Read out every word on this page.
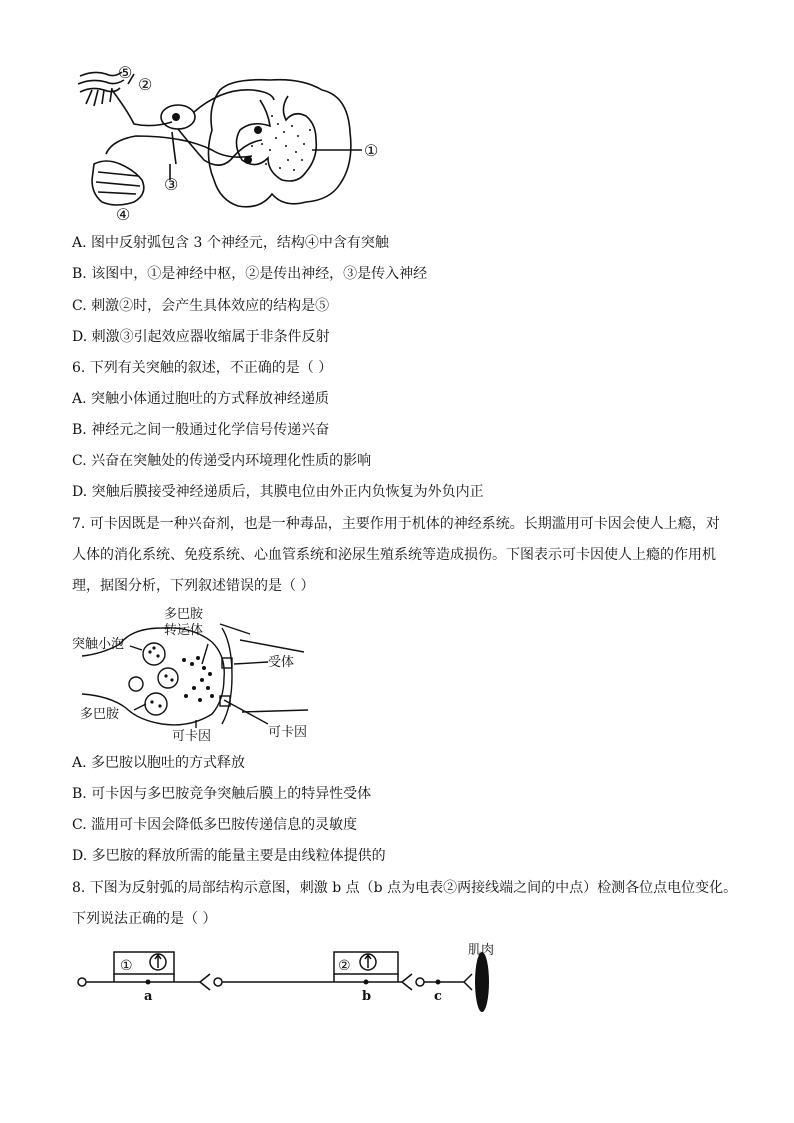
⑤
②
①
③
④
A. 图中反射弧包含 3 个神经元，结构④中含有突触
B. 该图中，①是神经中枢，②是传出神经，③是传入神经
C. 刺激②时，会产生具体效应的结构是⑤
D. 刺激③引起效应器收缩属于非条件反射
6. 下列有关突触的叙述，不正确的是（ ）
A. 突触小体通过胞吐的方式释放神经递质
B. 神经元之间一般通过化学信号传递兴奋
C. 兴奋在突触处的传递受内环境理化性质的影响
D. 突触后膜接受神经递质后，其膜电位由外正内负恢复为外负内正
7. 可卡因既是一种兴奋剂，也是一种毒品，主要作用于机体的神经系统。长期滥用可卡因会使人上瘾，对
人体的消化系统、免疫系统、心血管系统和泌尿生殖系统等造成损伤。下图表示可卡因使人上瘾的作用机
理，据图分析，下列叙述错误的是（ ）
多巴胺
转运体
突触小泡
受体
多巴胺
可卡因	可卡因
A. 多巴胺以胞吐的方式释放
B. 可卡因与多巴胺竞争突触后膜上的特异性受体
C. 滥用可卡因会降低多巴胺传递信息的灵敏度
D. 多巴胺的释放所需的能量主要是由线粒体提供的
8. 下图为反射弧的局部结构示意图，刺激 b 点（b 点为电表②两接线端之间的中点）检测各位点电位变化。
下列说法正确的是（ ）
①	②
a	b	c
肌肉
